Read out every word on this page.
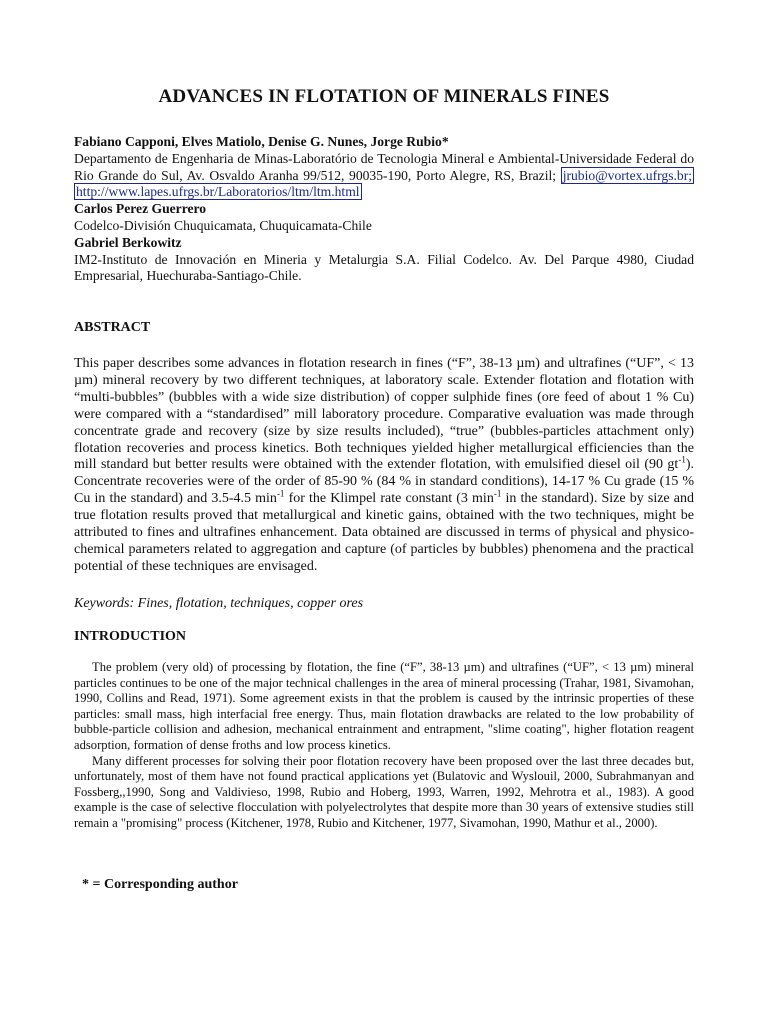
ADVANCES IN FLOTATION OF MINERALS FINES
Fabiano Capponi, Elves Matiolo, Denise G. Nunes, Jorge Rubio*
Departamento de Engenharia de Minas-Laboratório de Tecnologia Mineral e Ambiental-Universidade Federal do Rio Grande do Sul, Av. Osvaldo Aranha 99/512, 90035-190, Porto Alegre, RS, Brazil; jrubio@vortex.ufrgs.br; http://www.lapes.ufrgs.br/Laboratorios/ltm/ltm.html
Carlos Perez Guerrero
Codelco-División Chuquicamata, Chuquicamata-Chile
Gabriel Berkowitz
IM2-Instituto de Innovación en Mineria y Metalurgia S.A. Filial Codelco. Av. Del Parque 4980, Ciudad Empresarial, Huechuraba-Santiago-Chile.
ABSTRACT
This paper describes some advances in flotation research in fines (“F”, 38-13 µm) and ultrafines (“UF”, < 13 µm) mineral recovery by two different techniques, at laboratory scale. Extender flotation and flotation with “multi-bubbles” (bubbles with a wide size distribution) of copper sulphide fines (ore feed of about 1 % Cu) were compared with a “standardised” mill laboratory procedure. Comparative evaluation was made through concentrate grade and recovery (size by size results included), “true” (bubbles-particles attachment only) flotation recoveries and process kinetics. Both techniques yielded higher metallurgical efficiencies than the mill standard but better results were obtained with the extender flotation, with emulsified diesel oil (90 $gt^{-1}$). Concentrate recoveries were of the order of 85-90 % (84 % in standard conditions), 14-17 % Cu grade (15 % Cu in the standard) and 3.5-4.5 $\min^{-1}$ for the Klimpel rate constant (3 $\min^{-1}$ in the standard). Size by size and true flotation results proved that metallurgical and kinetic gains, obtained with the two techniques, might be attributed to fines and ultrafines enhancement. Data obtained are discussed in terms of physical and physico-chemical parameters related to aggregation and capture (of particles by bubbles) phenomena and the practical potential of these techniques are envisaged.
Keywords: Fines, flotation, techniques, copper ores
INTRODUCTION

The problem (very old) of processing by flotation, the fine (“F”, 38-13 µm) and ultrafines (“UF”, < 13 µm) mineral particles continues to be one of the major technical challenges in the area of mineral processing (Trahar, 1981, Sivamohan, 1990, Collins and Read, 1971). Some agreement exists in that the problem is caused by the intrinsic properties of these particles: small mass, high interfacial free energy. Thus, main flotation drawbacks are related to the low probability of bubble-particle collision and adhesion, mechanical entrainment and entrapment, "slime coating", higher flotation reagent adsorption, formation of dense froths and low process kinetics.

Many different processes for solving their poor flotation recovery have been proposed over the last three decades but, unfortunately, most of them have not found practical applications yet (Bulatovic and Wyslouil, 2000, Subrahmanyan and Fossberg,,1990, Song and Valdivieso, 1998, Rubio and Hoberg, 1993, Warren, 1992, Mehrotra et al., 1983). A good example is the case of selective flocculation with polyelectrolytes that despite more than 30 years of extensive studies still remain a "promising" process (Kitchener, 1978, Rubio and Kitchener, 1977, Sivamohan, 1990, Mathur et al., 2000).

* = Corresponding author
